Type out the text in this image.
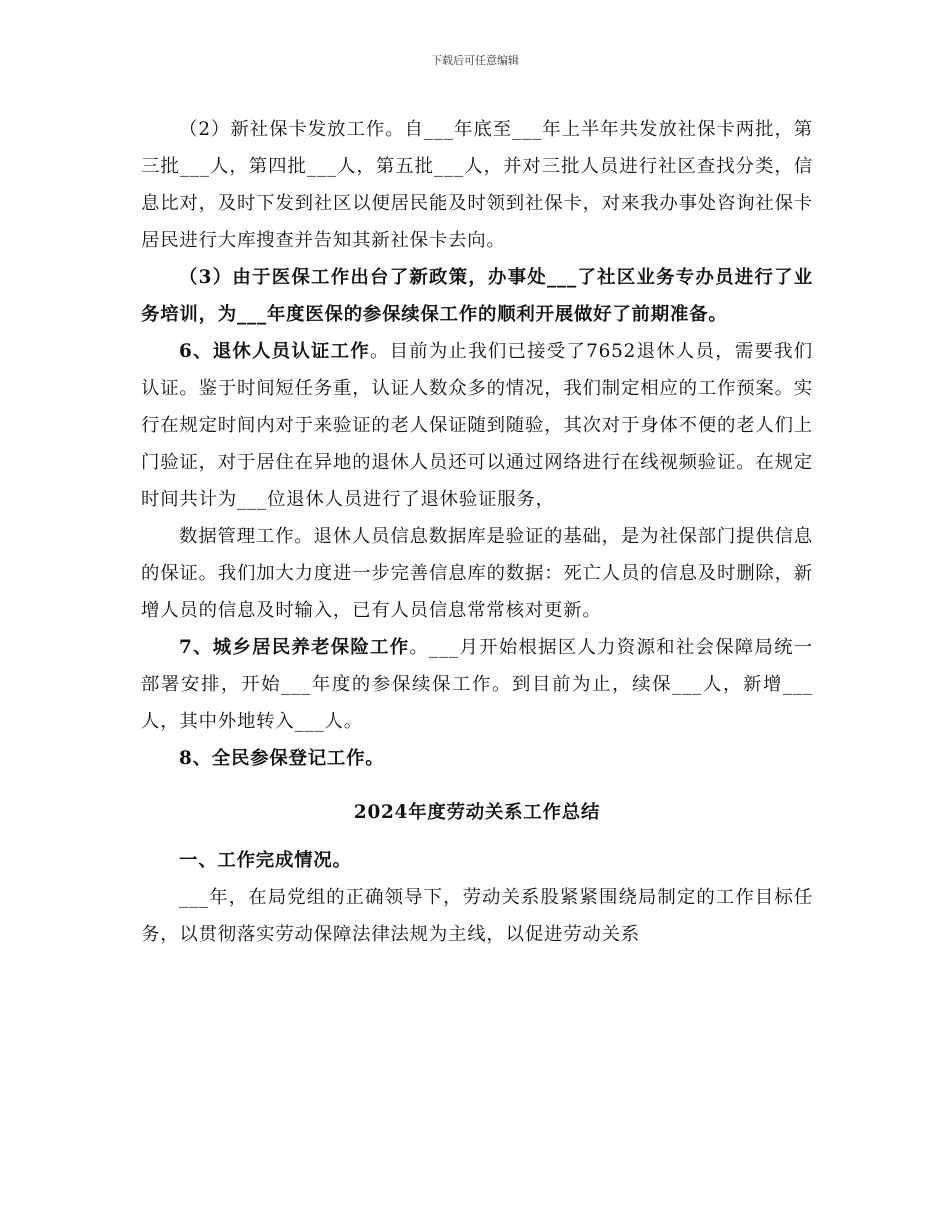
下载后可任意编辑

（2）新社保卡发放工作。自___年底至___年上半年共发放社保卡两批，第三批___人，第四批___人，第五批___人，并对三批人员进行社区查找分类，信息比对，及时下发到社区以便居民能及时领到社保卡，对来我办事处咨询社保卡居民进行大库搜查并告知其新社保卡去向。

（3）由于医保工作出台了新政策，办事处___了社区业务专办员进行了业务培训，为___年度医保的参保续保工作的顺利开展做好了前期准备。

6、退休人员认证工作。目前为止我们已接受了7652退休人员，需要我们认证。鉴于时间短任务重，认证人数众多的情况，我们制定相应的工作预案。实行在规定时间内对于来验证的老人保证随到随验，其次对于身体不便的老人们上门验证，对于居住在异地的退休人员还可以通过网络进行在线视频验证。在规定时间共计为___位退休人员进行了退休验证服务，

数据管理工作。退休人员信息数据库是验证的基础，是为社保部门提供信息的保证。我们加大力度进一步完善信息库的数据：死亡人员的信息及时删除，新增人员的信息及时输入，已有人员信息常常核对更新。

7、城乡居民养老保险工作。___月开始根据区人力资源和社会保障局统一部署安排，开始___年度的参保续保工作。到目前为止，续保___人，新增___人，其中外地转入___人。

8、全民参保登记工作。

2024年度劳动关系工作总结

一、工作完成情况。

___年，在局党组的正确领导下，劳动关系股紧紧围绕局制定的工作目标任务，以贯彻落实劳动保障法律法规为主线，以促进劳动关系
